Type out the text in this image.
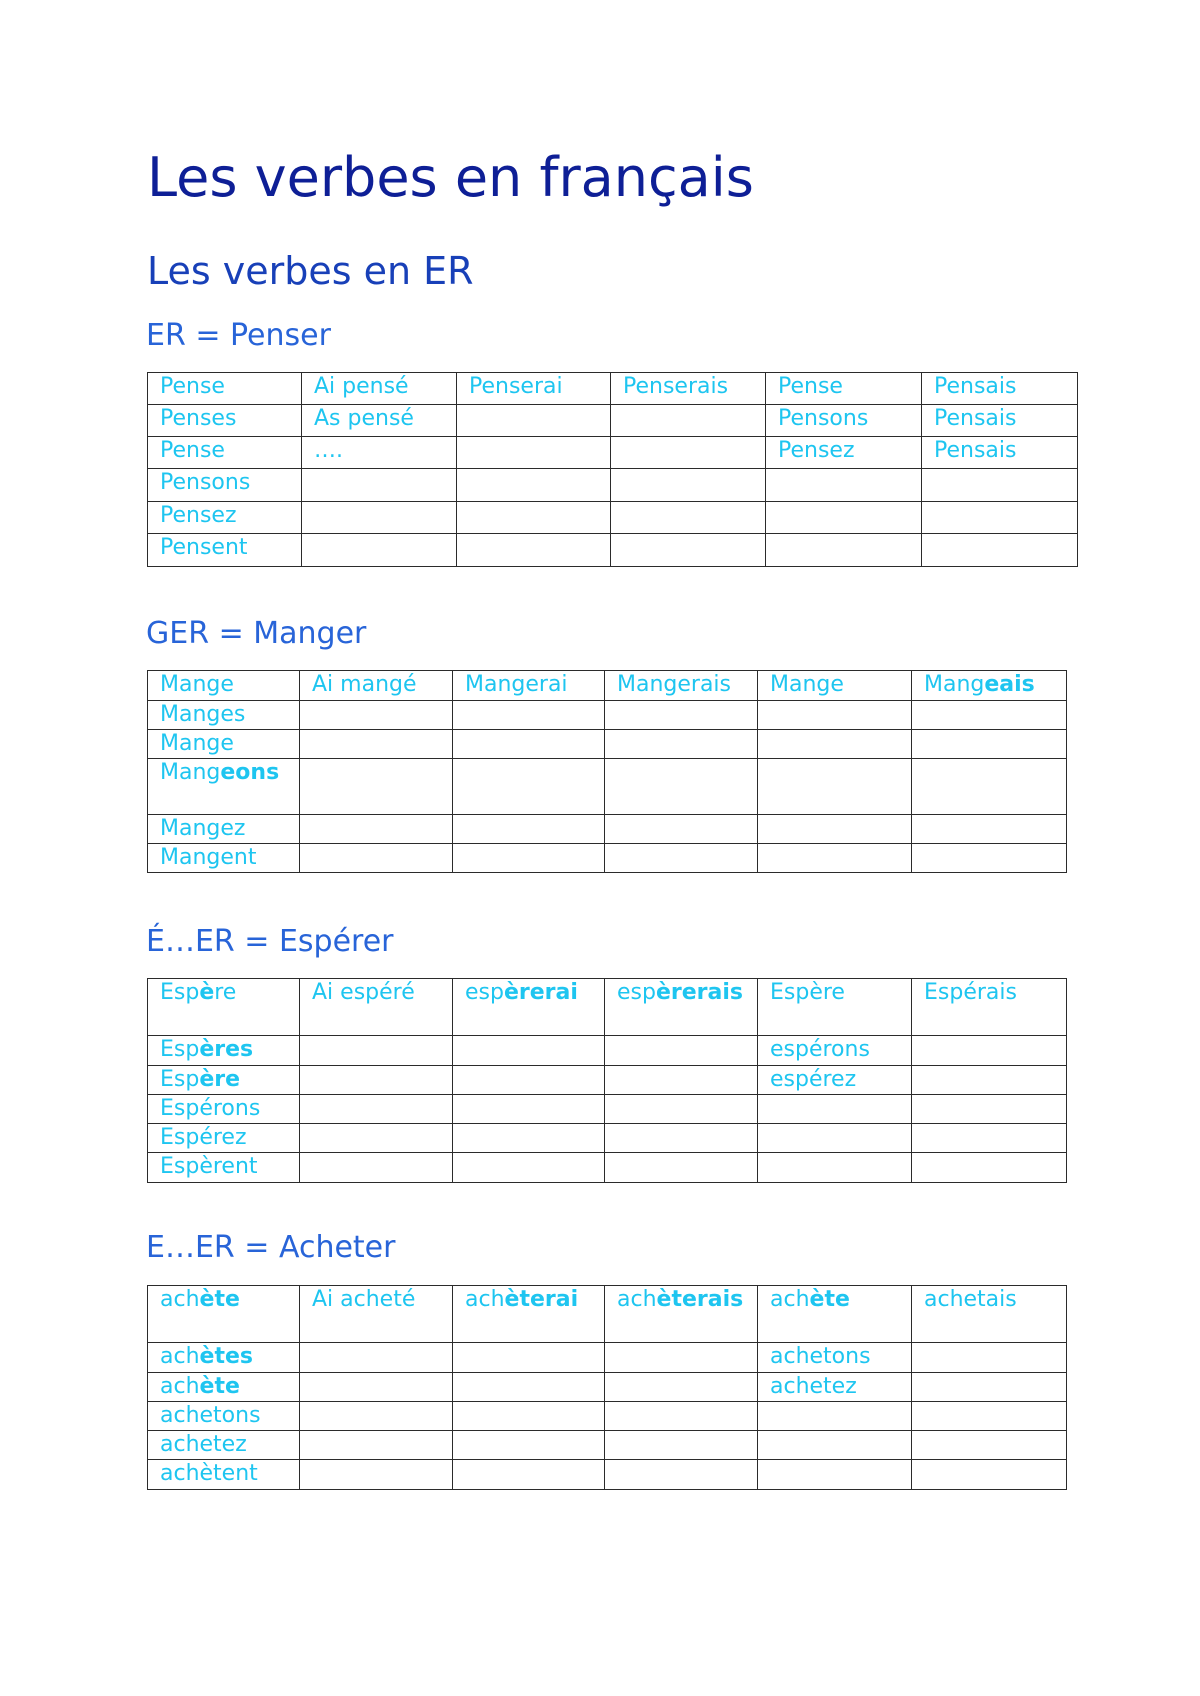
Les verbes en français
Les verbes en ER
ER = Penser
Pense	Ai pensé	Penserai	Penserais	Pense	Pensais
Penses	As pensé			Pensons	Pensais
Pense	….			Pensez	Pensais
Pensons					
Pensez					
Pensent					
GER = Manger
Mange	Ai mangé	Mangerai	Mangerais	Mange	Mangeais
Manges					
Mange					
Mangeons					
Mangez					
Mangent					
É…ER = Espérer
Espère	Ai espéré	espèrerai	espèrerais	Espère	Espérais
Espères				espérons	
Espère				espérez	
Espérons					
Espérez					
Espèrent					
E…ER = Acheter
achète	Ai acheté	achèterai	achèterais	achète	achetais
achètes				achetons	
achète				achetez	
achetons					
achetez					
achètent					
